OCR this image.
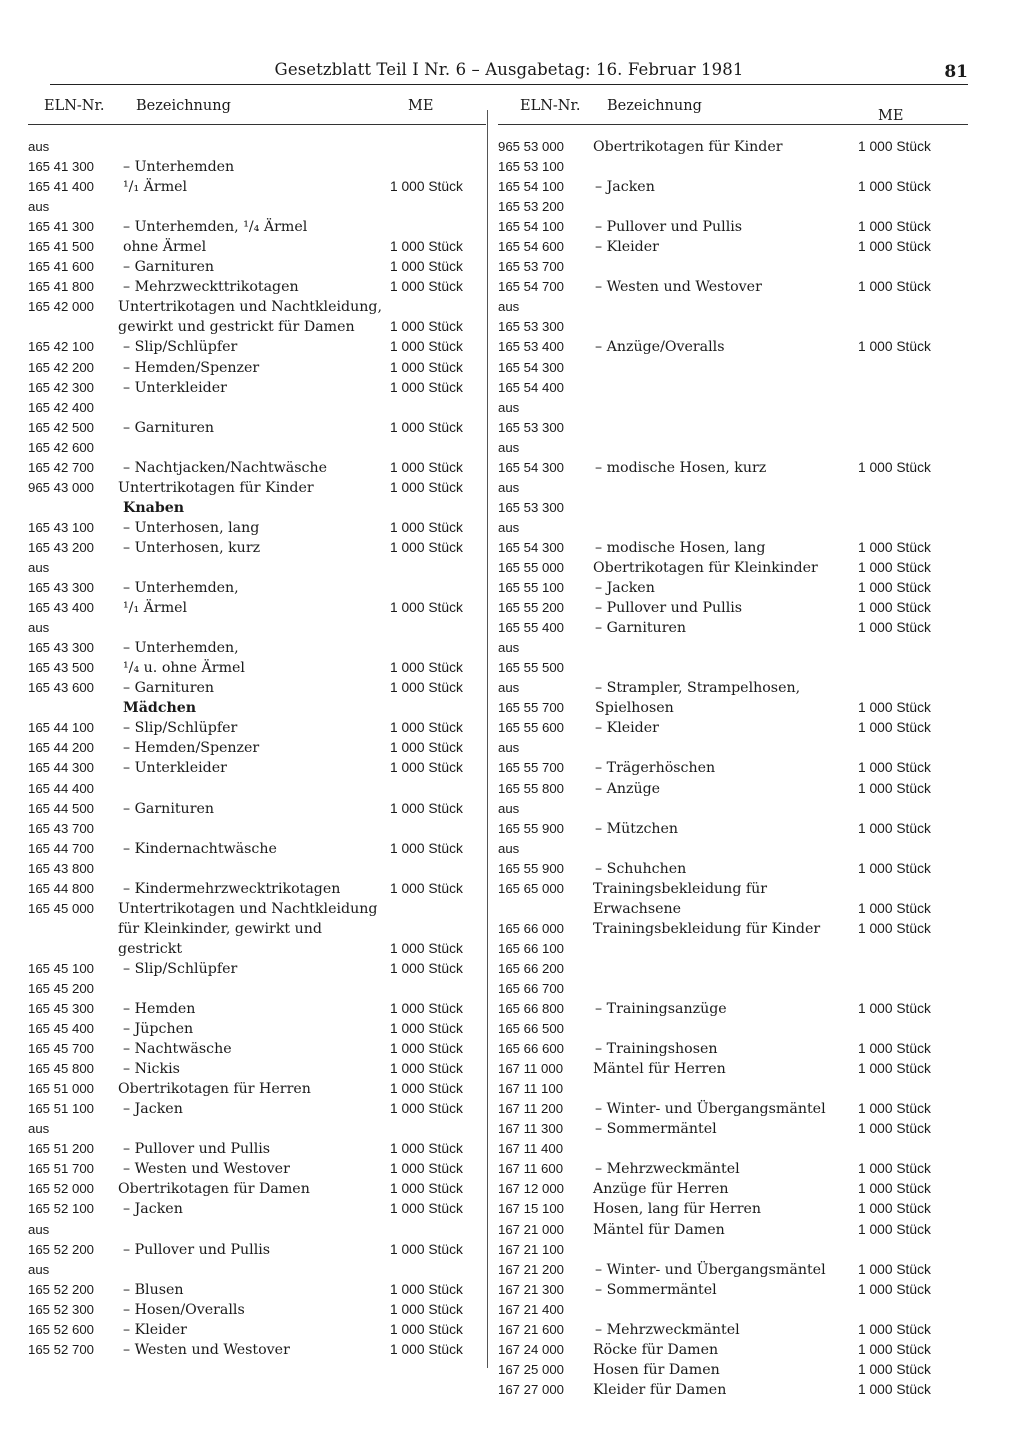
Gesetzblatt Teil I Nr. 6 – Ausgabetag: 16. Februar 1981	81
ELN-Nr. Bezeichnung	ME
aus
165 41 300 – Unterhemden
165 41 400 ¹/₁ Ärmel	1 000 Stück
aus
165 41 300 – Unterhemden, ¹/₄ Ärmel
165 41 500 ohne Ärmel	1 000 Stück
165 41 600 – Garnituren	1 000 Stück
165 41 800 – Mehrzweckttrikotagen	1 000 Stück
165 42 000 Untertrikotagen und Nachtkleidung,
gewirkt und gestrickt für Damen	1 000 Stück
165 42 100 – Slip/Schlüpfer	1 000 Stück
165 42 200 – Hemden/Spenzer	1 000 Stück
165 42 300 – Unterkleider	1 000 Stück
165 42 400
165 42 500 – Garnituren	1 000 Stück
165 42 600
165 42 700 – Nachtjacken/Nachtwäsche	1 000 Stück
965 43 000 Untertrikotagen für Kinder	1 000 Stück
Knaben
165 43 100 – Unterhosen, lang	1 000 Stück
165 43 200 – Unterhosen, kurz	1 000 Stück
aus
165 43 300 – Unterhemden,
165 43 400 ¹/₁ Ärmel	1 000 Stück
aus
165 43 300 – Unterhemden,
165 43 500 ¹/₄ u. ohne Ärmel	1 000 Stück
165 43 600 – Garnituren	1 000 Stück
Mädchen
165 44 100 – Slip/Schlüpfer	1 000 Stück
165 44 200 – Hemden/Spenzer	1 000 Stück
165 44 300 – Unterkleider	1 000 Stück
165 44 400
165 44 500 – Garnituren	1 000 Stück
165 43 700
165 44 700 – Kindernachtwäsche	1 000 Stück
165 43 800
165 44 800 – Kindermehrzwecktrikotagen	1 000 Stück
165 45 000 Untertrikotagen und Nachtkleidung
für Kleinkinder, gewirkt und
gestrickt	1 000 Stück
165 45 100 – Slip/Schlüpfer	1 000 Stück
165 45 200
165 45 300 – Hemden	1 000 Stück
165 45 400 – Jüpchen	1 000 Stück
165 45 700 – Nachtwäsche	1 000 Stück
165 45 800 – Nickis	1 000 Stück
165 51 000 Obertrikotagen für Herren	1 000 Stück
165 51 100 – Jacken	1 000 Stück
aus
165 51 200 – Pullover und Pullis	1 000 Stück
165 51 700 – Westen und Westover	1 000 Stück
165 52 000 Obertrikotagen für Damen	1 000 Stück
165 52 100 – Jacken	1 000 Stück
aus
165 52 200 – Pullover und Pullis	1 000 Stück
aus
165 52 200 – Blusen	1 000 Stück
165 52 300 – Hosen/Overalls	1 000 Stück
165 52 600 – Kleider	1 000 Stück
165 52 700 – Westen und Westover	1 000 Stück
ELN-Nr. Bezeichnung
ME
965 53 000 Obertrikotagen für Kinder	1 000 Stück
165 53 100
165 54 100 – Jacken	1 000 Stück
165 53 200
165 54 100 – Pullover und Pullis	1 000 Stück
165 54 600 – Kleider	1 000 Stück
165 53 700
165 54 700 – Westen und Westover	1 000 Stück
aus
165 53 300
165 53 400 – Anzüge/Overalls	1 000 Stück
165 54 300
165 54 400
aus
165 53 300
aus
165 54 300 – modische Hosen, kurz	1 000 Stück
aus
165 53 300
aus
165 54 300 – modische Hosen, lang	1 000 Stück
165 55 000 Obertrikotagen für Kleinkinder	1 000 Stück
165 55 100 – Jacken	1 000 Stück
165 55 200 – Pullover und Pullis	1 000 Stück
165 55 400 – Garnituren	1 000 Stück
aus
165 55 500
aus	– Strampler, Strampelhosen,
165 55 700 Spielhosen	1 000 Stück
165 55 600 – Kleider	1 000 Stück
aus
165 55 700 – Trägerhöschen	1 000 Stück
165 55 800 – Anzüge	1 000 Stück
aus
165 55 900 – Mützchen	1 000 Stück
aus
165 55 900 – Schuhchen	1 000 Stück
165 65 000 Trainingsbekleidung für
Erwachsene	1 000 Stück
165 66 000 Trainingsbekleidung für Kinder	1 000 Stück
165 66 100
165 66 200
165 66 700
165 66 800 – Trainingsanzüge	1 000 Stück
165 66 500
165 66 600 – Trainingshosen	1 000 Stück
167 11 000 Mäntel für Herren	1 000 Stück
167 11 100
167 11 200 – Winter- und Übergangsmäntel 1 000 Stück
167 11 300 – Sommermäntel	1 000 Stück
167 11 400
167 11 600 – Mehrzweckmäntel	1 000 Stück
167 12 000 Anzüge für Herren	1 000 Stück
167 15 100 Hosen, lang für Herren	1 000 Stück
167 21 000 Mäntel für Damen	1 000 Stück
167 21 100
167 21 200 – Winter- und Übergangsmäntel 1 000 Stück
167 21 300 – Sommermäntel	1 000 Stück
167 21 400
167 21 600 – Mehrzweckmäntel	1 000 Stück
167 24 000 Röcke für Damen	1 000 Stück
167 25 000 Hosen für Damen	1 000 Stück
167 27 000 Kleider für Damen	1 000 Stück
